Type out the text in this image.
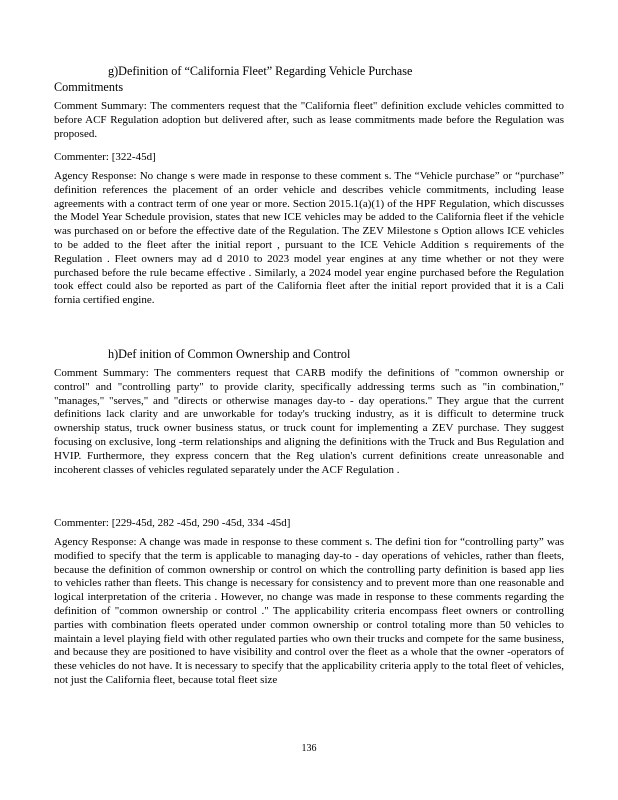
g)Definition of “California Fleet” Regarding Vehicle Purchase
Commitments

Comment Summary: The commenters request that the "California fleet" definition exclude vehicles committed to before ACF Regulation adoption but delivered after, such as lease commitments made before the Regulation was proposed.

Commenter: [322-45d]

Agency Response: No change s were made in response to these comment s. The “Vehicle purchase” or “purchase” definition references the placement of an order vehicle and describes vehicle commitments, including lease agreements with a contract term of one year or more. Section 2015.1(a)(1) of the HPF Regulation, which discusses the Model Year Schedule provision, states that new ICE vehicles may be added to the California fleet if the vehicle was purchased on or before the effective date of the Regulation. The ZEV Milestone s Option allows ICE vehicles to be added to the fleet after the initial report , pursuant to the ICE Vehicle Addition s requirements of the Regulation . Fleet owners may ad d 2010 to 2023 model year engines at any time whether or not they were purchased before the rule became effective . Similarly, a 2024 model year engine purchased before the Regulation took effect could also be reported as part of the California fleet after the initial report provided that it is a Cali fornia certified engine.

h)Def inition of Common Ownership and Control

Comment Summary: The commenters request that CARB modify the definitions of "common ownership or control" and "controlling party" to provide clarity, specifically addressing terms such as "in combination," "manages," "serves," and "directs or otherwise manages day-to - day operations." They argue that the current definitions lack clarity and are unworkable for today's trucking industry, as it is difficult to determine truck ownership status, truck owner business status, or truck count for implementing a ZEV purchase. They suggest focusing on exclusive, long -term relationships and aligning the definitions with the Truck and Bus Regulation and HVIP. Furthermore, they express concern that the Reg ulation's current definitions create unreasonable and incoherent classes of vehicles regulated separately under the ACF Regulation .

Commenter: [229-45d, 282 -45d, 290 -45d, 334 -45d]

Agency Response: A change was made in response to these comment s. The defini tion for “controlling party” was modified to specify that the term is applicable to managing day-to - day operations of vehicles, rather than fleets, because the definition of common ownership or control on which the controlling party definition is based app lies to vehicles rather than fleets. This change is necessary for consistency and to prevent more than one reasonable and logical interpretation of the criteria . However, no change was made in response to these comments regarding the definition of "common ownership or control ." The applicability criteria encompass fleet owners or controlling parties with combination fleets operated under common ownership or control totaling more than 50 vehicles to maintain a level playing field with other regulated parties who own their trucks and compete for the same business, and because they are positioned to have visibility and control over the fleet as a whole that the owner -operators of these vehicles do not have. It is necessary to specify that the applicability criteria apply to the total fleet of vehicles, not just the California fleet, because total fleet size

136
